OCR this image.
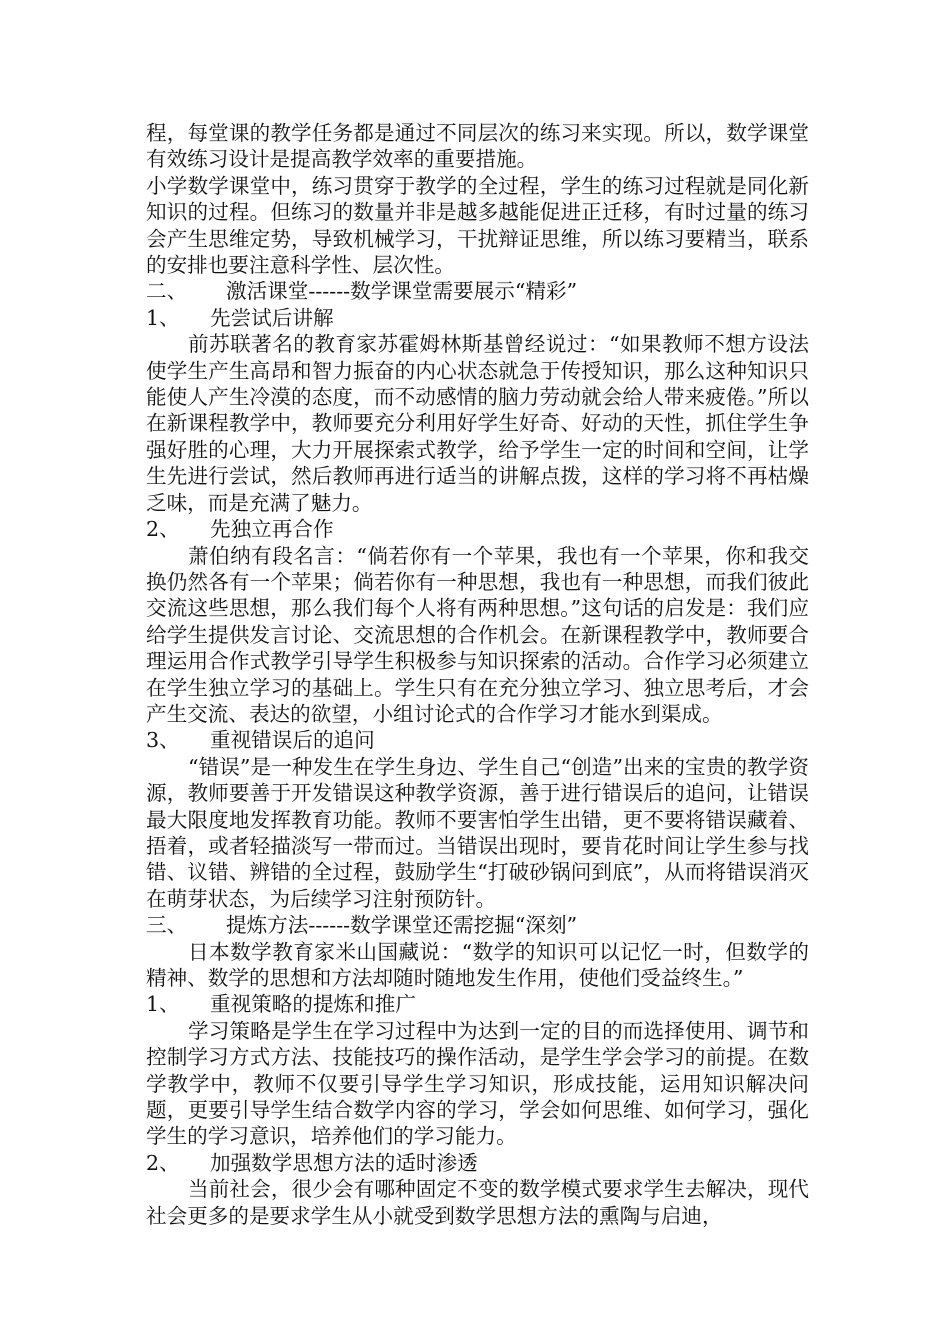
程，每堂课的教学任务都是通过不同层次的练习来实现。所以，数学课堂有效练习设计是提高教学效率的重要措施。

小学数学课堂中，练习贯穿于教学的全过程，学生的练习过程就是同化新知识的过程。但练习的数量并非是越多越能促进正迁移，有时过量的练习会产生思维定势，导致机械学习，干扰辩证思维，所以练习要精当，联系的安排也要注意科学性、层次性。

二、 激活课堂------数学课堂需要展示“精彩”

1、 先尝试后讲解

前苏联著名的教育家苏霍姆林斯基曾经说过：“如果教师不想方设法使学生产生高昂和智力振奋的内心状态就急于传授知识，那么这种知识只能使人产生冷漠的态度，而不动感情的脑力劳动就会给人带来疲倦。”所以在新课程教学中，教师要充分利用好学生好奇、好动的天性，抓住学生争强好胜的心理，大力开展探索式教学，给予学生一定的时间和空间，让学生先进行尝试，然后教师再进行适当的讲解点拨，这样的学习将不再枯燥乏味，而是充满了魅力。

2、 先独立再合作

萧伯纳有段名言：“倘若你有一个苹果，我也有一个苹果，你和我交换仍然各有一个苹果；倘若你有一种思想，我也有一种思想，而我们彼此交流这些思想，那么我们每个人将有两种思想。”这句话的启发是：我们应给学生提供发言讨论、交流思想的合作机会。在新课程教学中，教师要合理运用合作式教学引导学生积极参与知识探索的活动。合作学习必须建立在学生独立学习的基础上。学生只有在充分独立学习、独立思考后，才会产生交流、表达的欲望，小组讨论式的合作学习才能水到渠成。

3、 重视错误后的追问

“错误”是一种发生在学生身边、学生自己“创造”出来的宝贵的教学资源，教师要善于开发错误这种教学资源，善于进行错误后的追问，让错误最大限度地发挥教育功能。教师不要害怕学生出错，更不要将错误藏着、捂着，或者轻描淡写一带而过。当错误出现时，要肯花时间让学生参与找错、议错、辨错的全过程，鼓励学生“打破砂锅问到底”，从而将错误消灭在萌芽状态，为后续学习注射预防针。

三、 提炼方法------数学课堂还需挖掘“深刻”

日本数学教育家米山国藏说：“数学的知识可以记忆一时，但数学的精神、数学的思想和方法却随时随地发生作用，使他们受益终生。”

1、 重视策略的提炼和推广

学习策略是学生在学习过程中为达到一定的目的而选择使用、调节和控制学习方式方法、技能技巧的操作活动，是学生学会学习的前提。在数学教学中，教师不仅要引导学生学习知识，形成技能，运用知识解决问题，更要引导学生结合数学内容的学习，学会如何思维、如何学习，强化学生的学习意识，培养他们的学习能力。

2、 加强数学思想方法的适时渗透

当前社会，很少会有哪种固定不变的数学模式要求学生去解决，现代社会更多的是要求学生从小就受到数学思想方法的熏陶与启迪，
